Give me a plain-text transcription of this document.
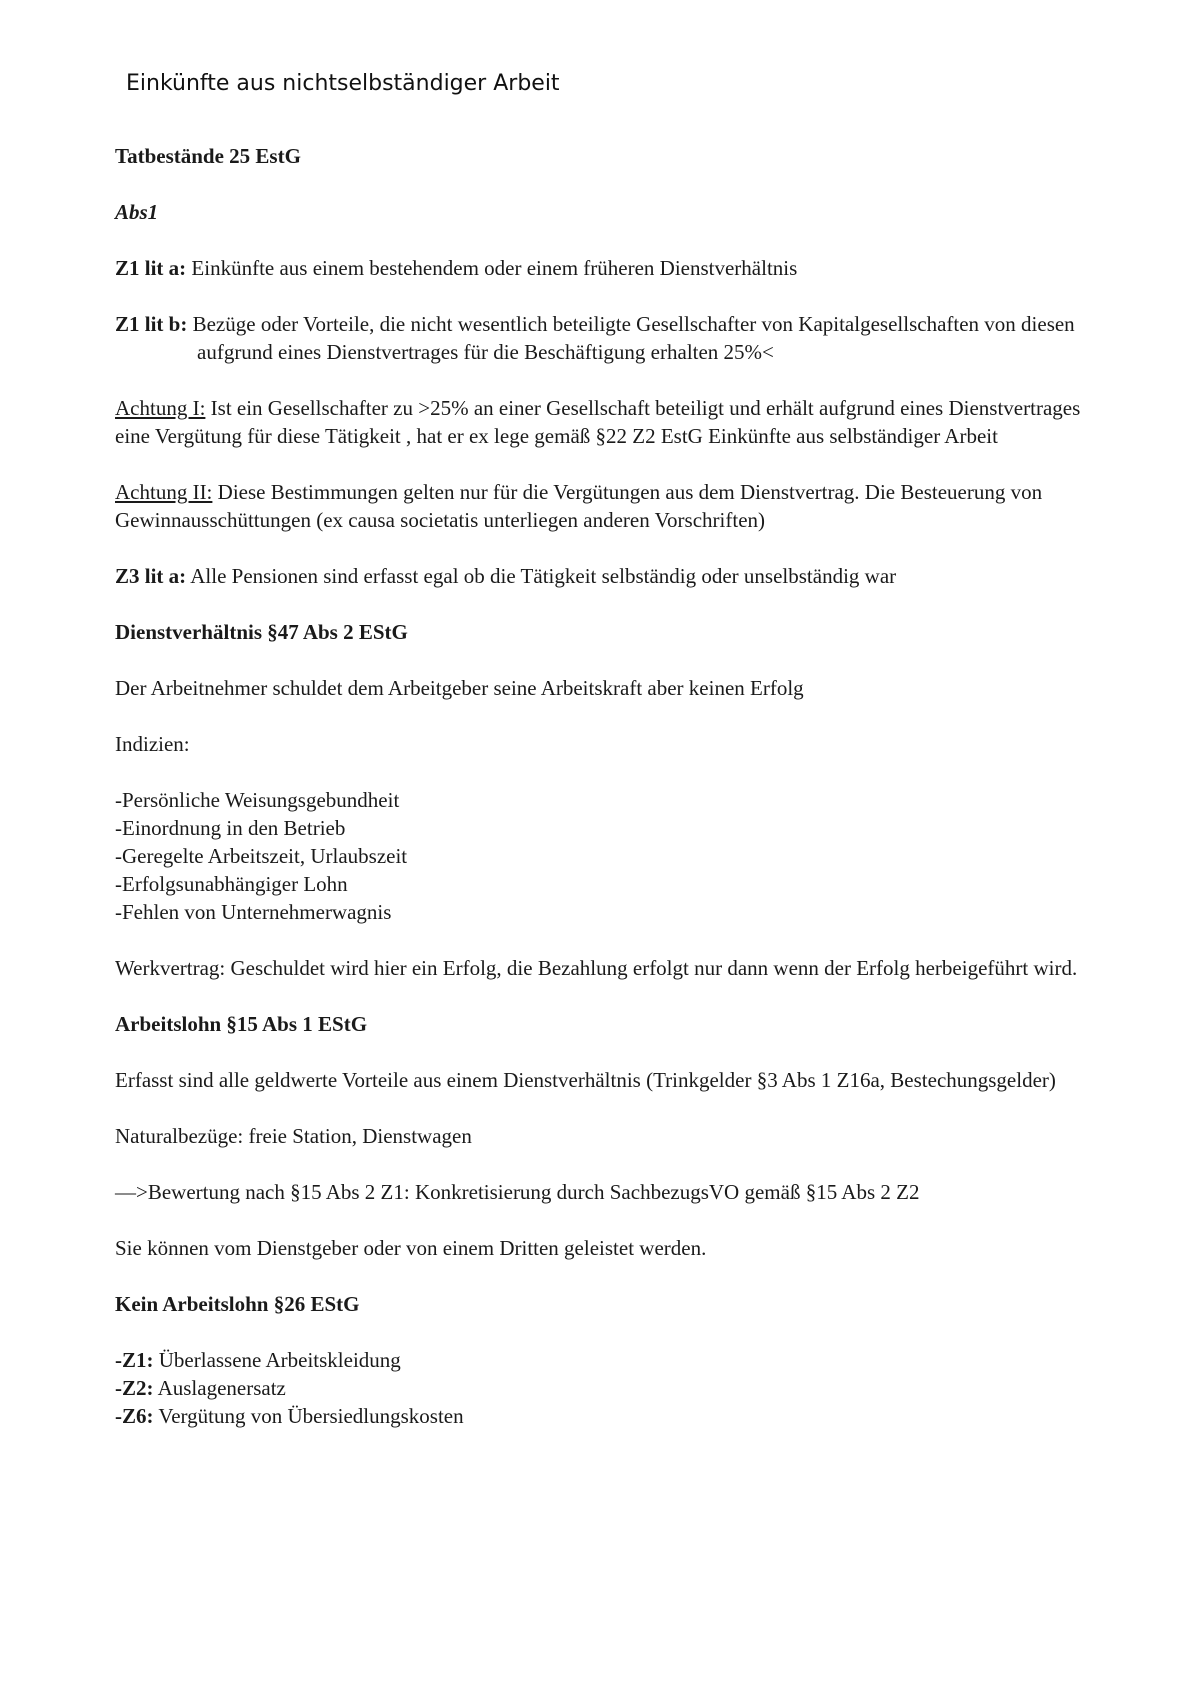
Einkünfte aus nichtselbständiger Arbeit

Tatbestände 25 EstG

Abs1

Z1 lit a: Einkünfte aus einem bestehendem oder einem früheren Dienstverhältnis

Z1 lit b: Bezüge oder Vorteile, die nicht wesentlich beteiligte Gesellschafter von Kapitalgesellschaften von diesen aufgrund eines Dienstvertrages für die Beschäftigung erhalten 25%<

Achtung I: Ist ein Gesellschafter zu >25% an einer Gesellschaft beteiligt und erhält aufgrund eines Dienstvertrages eine Vergütung für diese Tätigkeit , hat er ex lege gemäß §22 Z2 EstG Einkünfte aus selbständiger Arbeit

Achtung II: Diese Bestimmungen gelten nur für die Vergütungen aus dem Dienstvertrag. Die Besteuerung von Gewinnausschüttungen (ex causa societatis unterliegen anderen Vorschriften)

Z3 lit a: Alle Pensionen sind erfasst egal ob die Tätigkeit selbständig oder unselbständig war

Dienstverhältnis §47 Abs 2 EStG

Der Arbeitnehmer schuldet dem Arbeitgeber seine Arbeitskraft aber keinen Erfolg

Indizien:

-Persönliche Weisungsgebundheit
-Einordnung in den Betrieb
-Geregelte Arbeitszeit, Urlaubszeit
-Erfolgsunabhängiger Lohn
-Fehlen von Unternehmerwagnis

Werkvertrag: Geschuldet wird hier ein Erfolg, die Bezahlung erfolgt nur dann wenn der Erfolg herbeigeführt wird.

Arbeitslohn §15 Abs 1 EStG

Erfasst sind alle geldwerte Vorteile aus einem Dienstverhältnis (Trinkgelder §3 Abs 1 Z16a, Bestechungsgelder)

Naturalbezüge: freie Station, Dienstwagen

—>Bewertung nach §15 Abs 2 Z1: Konkretisierung durch SachbezugsVO gemäß §15 Abs 2 Z2

Sie können vom Dienstgeber oder von einem Dritten geleistet werden.

Kein Arbeitslohn §26 EStG

-Z1: Überlassene Arbeitskleidung
-Z2: Auslagenersatz
-Z6: Vergütung von Übersiedlungskosten
